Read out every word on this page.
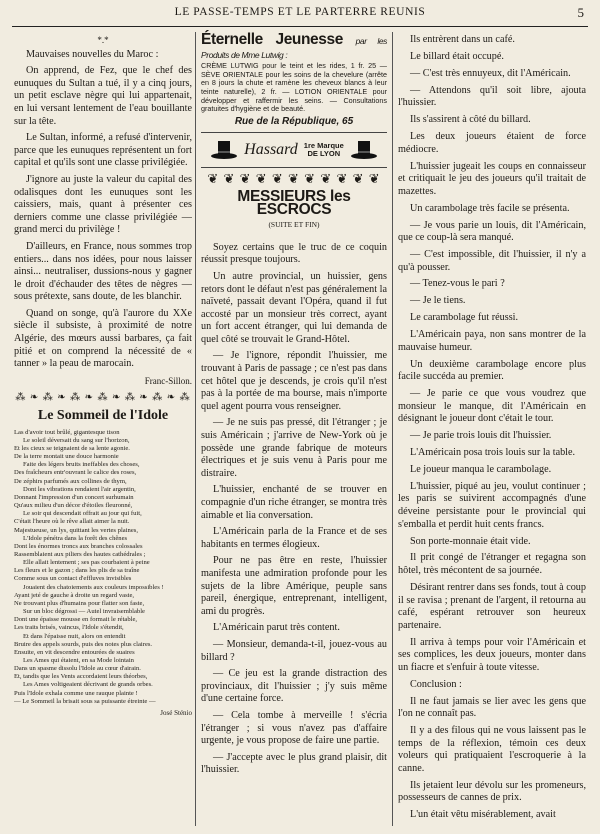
LE PASSE-TEMPS ET LE PARTERRE REUNIS	5
*.*

Mauvaises nouvelles du Maroc :

On apprend, de Fez, que le chef des eunuques du Sultan a tué, il y a cinq jours, un petit esclave nègre qui lui appartenait, en lui versant lentement de l'eau bouillante sur la tête.

Le Sultan, informé, a refusé d'intervenir, parce que les eunuques représentent un fort capital et qu'ils sont une classe privilégiée.

J'ignore au juste la valeur du capital des odalisques dont les eunuques sont les caissiers, mais, quant à présenter ces derniers comme une classe privilégiée — grand merci du privilège !

D'ailleurs, en France, nous sommes trop entiers... dans nos idées, pour nous laisser ainsi... neutraliser, dussions-nous y gagner le droit d'échauder des têtes de nègres — sous prétexte, sans doute, de les blanchir.

Quand on songe, qu'à l'aurore du XXe siècle il subsiste, à proximité de notre Algérie, des mœurs aussi barbares, ça fait pitié et on comprend la nécessité de « tanner » la peau de marocain.

Franc-Sillon.

⁂ ❧ ⁂ ❧ ⁂ ❧ ⁂ ❧ ⁂ ❧ ⁂ ❧ ⁂
Le Sommeil de l'Idole
Las d'avoir tout brûlé, gigantesque tison
Le soleil déversait du sang sur l'horizon,
Et les cieux se teignaient de sa lente agonie.
De la terre montait une douce harmonie
Faite des légers bruits ineffables des choses,
Des fraîcheurs entr'ouvrant le calice des roses,
De zéphirs parfumés aux collines de thym,
Dont les vibrations rendaient l'air argentin,
Donnant l'impression d'un concert surhumain
Qu'aux milieu d'un décor d'étoiles fleuronné,
Le soir qui descendait offrait au jour qui fuit,
C'était l'heure où le rêve allait aimer la nuit.
Majestueuse, un lys, quittant les vertes plaines,
L'Idole pénétra dans la forêt des chênes
Dont les énormes troncs aux branches colossales
Rassemblaient aux piliers des hautes cathédrales ;
Elle allait lentement ; ses pas courbaient à peine
Les fleurs et le gazon ; dans les plis de sa traîne
Comme sous un contact d'effluves invisibles
Jouaient des chatoiements aux couleurs impossibles !
Ayant jeté de gauche à droite un regard vaste,
Ne trouvant plus d'humains pour flatter son faste,
Sur un bloc dégrossi — Autel invraisemblable
Dont une épaisse mousse en formait le rétable,
Les traits brisés, vaincus, l'Idole s'étendit,
Et dans l'épaisse nuit, alors on entendit
Bruire des appels sourds, puis des notes plus claires.
Ensuite, en vit descendre entourées de suaires
Les Ames qui étaient, en sa Mode lointain
Dans un spasme dissolu l'Idole au cœur d'airain.
Et, tandis que les Vents accordaient leurs théorbes,
Les Ames voltigeaient décrivant de grands orbes.
Puis l'Idole exhala comme une rauque plainte !
— Le Sommeil la brisait sous sa puissante étreinte —
José Sténio
Éternelle Jeunesse par les Produits de Mme Lutwig :
CRÈME LUTWIG pour le teint et les rides, 1 fr. 25 — SÈVE ORIENTALE pour les soins de la chevelure (arrête en 8 jours la chute et ramène les cheveux blancs à leur teinte naturelle), 2 fr. — LOTION ORIENTALE pour développer et raffermir les seins. — Consultations gratuites d'hygiène et de beauté.
Rue de la République, 65
Hassard 1re Marque
DE LYON
❦ ❦ ❦ ❦ ❦ ❦ ❦ ❦ ❦ ❦ ❦
MESSIEURS les ESCROCS
(SUITE ET FIN)

Soyez certains que le truc de ce coquin réussit presque toujours.

Un autre provincial, un huissier, gens retors dont le défaut n'est pas généralement la naïveté, passait devant l'Opéra, quand il fut accosté par un monsieur très correct, ayant un fort accent étranger, qui lui demanda de quel côté se trouvait le Grand-Hôtel.

— Je l'ignore, répondit l'huissier, me trouvant à Paris de passage ; ce n'est pas dans cet hôtel que je descends, je crois qu'il n'est pas à la portée de ma bourse, mais n'importe quel agent pourra vous renseigner.

— Je ne suis pas pressé, dit l'étranger ; je suis Américain ; j'arrive de New-York où je possède une grande fabrique de moteurs électriques et je suis venu à Paris pour me distraire.

L'huissier, enchanté de se trouver en compagnie d'un riche étranger, se montra très aimable et lia conversation.

L'Américain parla de la France et de ses habitants en termes élogieux.

Pour ne pas être en reste, l'huissier manifesta une admiration profonde pour les sujets de la libre Amérique, peuple sans pareil, énergique, entreprenant, intelligent, ami du progrès.

L'Américain parut très content.

— Monsieur, demanda-t-il, jouez-vous au billard ?

— Ce jeu est la grande distraction des provinciaux, dit l'huissier ; j'y suis même d'une certaine force.

— Cela tombe à merveille ! s'écria l'étranger ; si vous n'avez pas d'affaire urgente, je vous propose de faire une partie.

— J'accepte avec le plus grand plaisir, dit l'huissier.

Ils entrèrent dans un café.

Le billard était occupé.

— C'est très ennuyeux, dit l'Américain.

— Attendons qu'il soit libre, ajouta l'huissier.

Ils s'assirent à côté du billard.

Les deux joueurs étaient de force médiocre.

L'huissier jugeait les coups en connaisseur et critiquait le jeu des joueurs qu'il traitait de mazettes.

Un carambolage très facile se présenta.

— Je vous parie un louis, dit l'Américain, que ce coup-là sera manqué.

— C'est impossible, dit l'huissier, il n'y a qu'à pousser.

— Tenez-vous le pari ?

— Je le tiens.

Le carambolage fut réussi.

L'Américain paya, non sans montrer de la mauvaise humeur.

Un deuxième carambolage encore plus facile succéda au premier.

— Je parie ce que vous voudrez que monsieur le manque, dit l'Américain en désignant le joueur dont c'était le tour.

— Je parie trois louis dit l'huissier.

L'Américain posa trois louis sur la table.

Le joueur manqua le carambolage.

L'huissier, piqué au jeu, voulut continuer ; les paris se suivirent accompagnés d'une déveine persistante pour le provincial qui s'emballa et perdit huit cents francs.

Son porte-monnaie était vide.

Il prit congé de l'étranger et regagna son hôtel, très mécontent de sa journée.

Désirant rentrer dans ses fonds, tout à coup il se ravisa ; prenant de l'argent, il retourna au café, espérant retrouver son heureux partenaire.

Il arriva à temps pour voir l'Américain et ses complices, les deux joueurs, monter dans un fiacre et s'enfuir à toute vitesse.

Conclusion :

Il ne faut jamais se lier avec les gens que l'on ne connaît pas.

Il y a des filous qui ne vous laissent pas le temps de la réflexion, témoin ces deux voleurs qui pratiquaient l'escroquerie à la canne.

Ils jetaient leur dévolu sur les promeneurs, possesseurs de cannes de prix.

L'un était vêtu misérablement, avait
